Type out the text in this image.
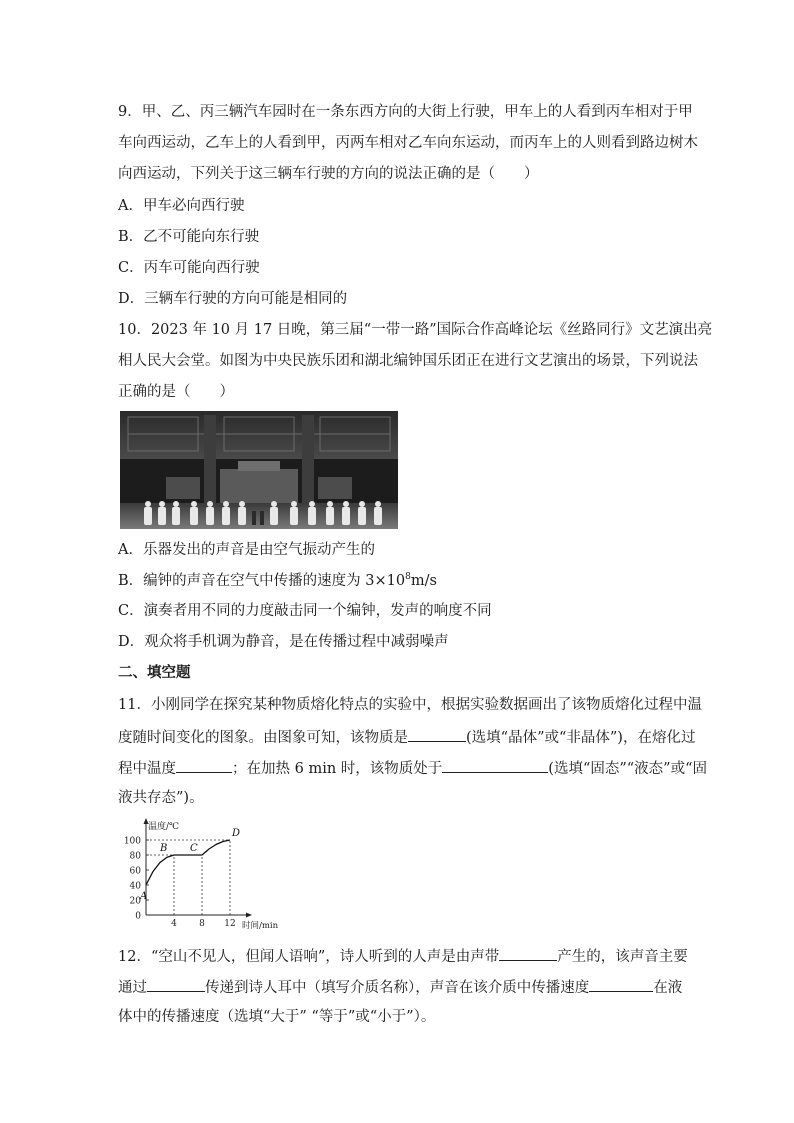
9．甲、乙、丙三辆汽车园时在一条东西方向的大街上行驶，甲车上的人看到丙车相对于甲
车向西运动，乙车上的人看到甲，丙两车相对乙车向东运动，而丙车上的人则看到路边树木
向西运动，下列关于这三辆车行驶的方向的说法正确的是（　　）
A．甲车必向西行驶
B．乙不可能向东行驶
C．丙车可能向西行驶
D．三辆车行驶的方向可能是相同的
10．2023 年 10 月 17 日晚，第三届“一带一路”国际合作高峰论坛《丝路同行》文艺演出亮
相人民大会堂。如图为中央民族乐团和湖北编钟国乐团正在进行文艺演出的场景，下列说法
正确的是（　　）
A．乐器发出的声音是由空气振动产生的
B．编钟的声音在空气中传播的速度为 $3\times 10^8m/s$
C．演奏者用不同的力度敲击同一个编钟，发声的响度不同
D．观众将手机调为静音，是在传播过程中减弱噪声
二、填空题
11．小刚同学在探究某种物质熔化特点的实验中，根据实验数据画出了该物质熔化过程中温
度随时间变化的图象。由图象可知，该物质是	(选填“晶体”或“非晶体”)，在熔化过
程中温度	；在加热 6 min 时，该物质处于	(选填“固态”“液态”或“固
液共存态”)。
温度/℃
时间/min
0
20
40
60
80
100
4 8 12
A
B C
D
12．“空山不见人，但闻人语响”，诗人听到的人声是由声带	产生的，该声音主要
通过	传递到诗人耳中（填写介质名称），声音在该介质中传播速度	在液
体中的传播速度（选填“大于” “等于”或“小于”）。
